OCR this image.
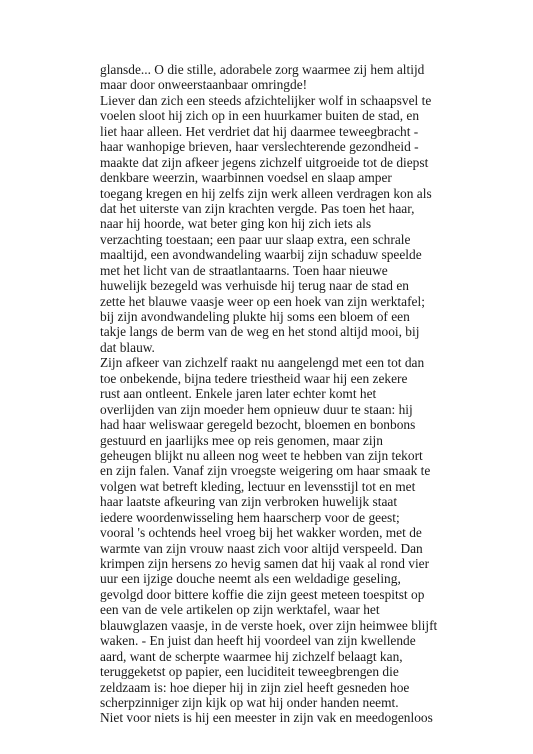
glansde... O die stille, adorabele zorg waarmee zij hem altijd
maar door onweerstaanbaar omringde!
Liever dan zich een steeds afzichtelijker wolf in schaapsvel te
voelen sloot hij zich op in een huurkamer buiten de stad, en
liet haar alleen. Het verdriet dat hij daarmee teweegbracht -
haar wanhopige brieven, haar verslechterende gezondheid -
maakte dat zijn afkeer jegens zichzelf uitgroeide tot de diepst
denkbare weerzin, waarbinnen voedsel en slaap amper
toegang kregen en hij zelfs zijn werk alleen verdragen kon als
dat het uiterste van zijn krachten vergde. Pas toen het haar,
naar hij hoorde, wat beter ging kon hij zich iets als
verzachting toestaan; een paar uur slaap extra, een schrale
maaltijd, een avondwandeling waarbij zijn schaduw speelde
met het licht van de straatlantaarns. Toen haar nieuwe
huwelijk bezegeld was verhuisde hij terug naar de stad en
zette het blauwe vaasje weer op een hoek van zijn werktafel;
bij zijn avondwandeling plukte hij soms een bloem of een
takje langs de berm van de weg en het stond altijd mooi, bij
dat blauw.
Zijn afkeer van zichzelf raakt nu aangelengd met een tot dan
toe onbekende, bijna tedere triestheid waar hij een zekere
rust aan ontleent. Enkele jaren later echter komt het
overlijden van zijn moeder hem opnieuw duur te staan: hij
had haar weliswaar geregeld bezocht, bloemen en bonbons
gestuurd en jaarlijks mee op reis genomen, maar zijn
geheugen blijkt nu alleen nog weet te hebben van zijn tekort
en zijn falen. Vanaf zijn vroegste weigering om haar smaak te
volgen wat betreft kleding, lectuur en levensstijl tot en met
haar laatste afkeuring van zijn verbroken huwelijk staat
iedere woordenwisseling hem haarscherp voor de geest;
vooral 's ochtends heel vroeg bij het wakker worden, met de
warmte van zijn vrouw naast zich voor altijd verspeeld. Dan
krimpen zijn hersens zo hevig samen dat hij vaak al rond vier
uur een ijzige douche neemt als een weldadige geseling,
gevolgd door bittere koffie die zijn geest meteen toespitst op
een van de vele artikelen op zijn werktafel, waar het
blauwglazen vaasje, in de verste hoek, over zijn heimwee blijft
waken. - En juist dan heeft hij voordeel van zijn kwellende
aard, want de scherpte waarmee hij zichzelf belaagt kan,
teruggeketst op papier, een luciditeit teweegbrengen die
zeldzaam is: hoe dieper hij in zijn ziel heeft gesneden hoe
scherpzinniger zijn kijk op wat hij onder handen neemt.
Niet voor niets is hij een meester in zijn vak en meedogenloos
